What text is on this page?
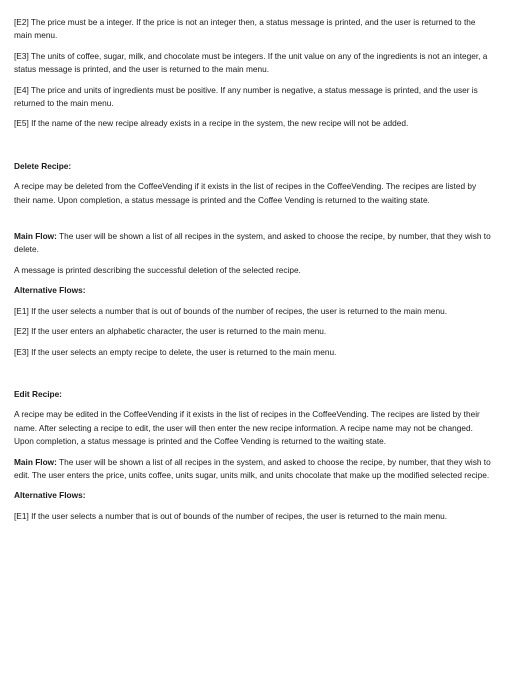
[E2] The price must be a integer. If the price is not an integer then, a status message is printed, and the user is returned to the main menu.

[E3] The units of coffee, sugar, milk, and chocolate must be integers. If the unit value on any of the ingredients is not an integer, a status message is printed, and the user is returned to the main menu.

[E4] The price and units of ingredients must be positive. If any number is negative, a status message is printed, and the user is returned to the main menu.

[E5] If the name of the new recipe already exists in a recipe in the system, the new recipe will not be added.

Delete Recipe:

A recipe may be deleted from the CoffeeVending if it exists in the list of recipes in the CoffeeVending. The recipes are listed by their name. Upon completion, a status message is printed and the Coffee Vending is returned to the waiting state.

Main Flow: The user will be shown a list of all recipes in the system, and asked to choose the recipe, by number, that they wish to delete.

A message is printed describing the successful deletion of the selected recipe.

Alternative Flows:

[E1] If the user selects a number that is out of bounds of the number of recipes, the user is returned to the main menu.

[E2] If the user enters an alphabetic character, the user is returned to the main menu.

[E3] If the user selects an empty recipe to delete, the user is returned to the main menu.

Edit Recipe:

A recipe may be edited in the CoffeeVending if it exists in the list of recipes in the CoffeeVending. The recipes are listed by their name. After selecting a recipe to edit, the user will then enter the new recipe information. A recipe name may not be changed. Upon completion, a status message is printed and the Coffee Vending is returned to the waiting state.

Main Flow: The user will be shown a list of all recipes in the system, and asked to choose the recipe, by number, that they wish to edit. The user enters the price, units coffee, units sugar, units milk, and units chocolate that make up the modified selected recipe.

Alternative Flows:

[E1] If the user selects a number that is out of bounds of the number of recipes, the user is returned to the main menu.
